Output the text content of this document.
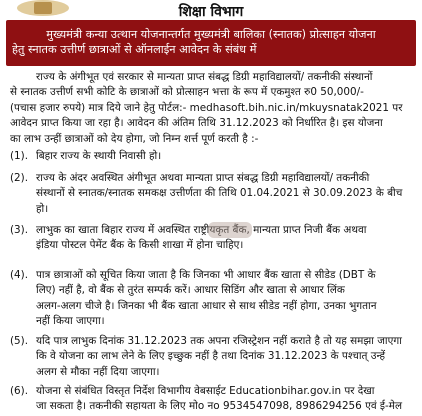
शिक्षा विभाग
मुख्यमंत्री कन्या उत्थान योजनान्तर्गत मुख्यमंत्री बालिका (स्नातक) प्रोत्साहन योजना
हेतु स्नातक उत्तीर्ण छात्राओं से ऑनलाईन आवेदन के संबंध में
राज्य के अंगीभूत एवं सरकार से मान्यता प्राप्त संबद्ध डिग्री महाविद्यालयों/ तकनीकी संस्थानों
से स्नातक उत्तीर्ण सभी कोटि के छात्राओं को प्रोत्साहन भत्ता के रूप में एकमुश्त रु0 50,000/-
(पचास हजार रुपये) मात्र दिये जाने हेतु पोर्टल:- medhasoft.bih.nic.in/mkuysnatak2021 पर
आवेदन प्राप्त किया जा रहा है। आवेदन की अंतिम तिथि 31.12.2023 को निर्धारित है। इस योजना
का लाभ उन्हीं छात्राओं को देय होगा, जो निम्न शर्त्त पूर्ण करती है :-
(1). बिहार राज्य के स्थायी निवासी हो।
(2). राज्य के अंदर अवस्थित अंगीभूत अथवा मान्यता प्राप्त संबद्ध डिग्री महाविद्यालयों/ तकनीकी
संस्थानों से स्नातक/स्नातक समकक्ष उत्तीर्णता की तिथि 01.04.2021 से 30.09.2023 के बीच
हो।
(3). लाभुक का खाता बिहार राज्य में अवस्थित राष्ट्रीयकृत बैंक, मान्यता प्राप्त निजी बैंक अथवा
इंडिया पोस्टल पेमेंट बैंक के किसी शाखा में होना चाहिए।
(4). पात्र छात्राओं को सूचित किया जाता है कि जिनका भी आधार बैंक खाता से सीडेड (DBT के
लिए) नहीं है, वो बैंक से तुरंत सम्पर्क करें। आधार सिडिंग और खाता से आधार लिंक
अलग-अलग चीजे है। जिनका भी बैंक खाता आधार से साथ सीडेड नहीं होगा, उनका भुगतान
नहीं किया जाएगा।
(5). यदि पात्र लाभुक दिनांक 31.12.2023 तक अपना रजिस्ट्रेशन नहीं कराते है तो यह समझा जाएगा
कि वे योजना का लाभ लेने के लिए इच्छुक नहीं है तथा दिनांक 31.12.2023 के पश्चात् उन्हें
अलग से मौका नहीं दिया जाएगा।
(6). योजना से संबंधित विस्तृत निर्देश विभागीय वेबसाईट Educationbihar.gov.in पर देखा
जा सकता है। तकनीकी सहायता के लिए मोo नo 9534547098, 8986294256 एवं ई-मेल
